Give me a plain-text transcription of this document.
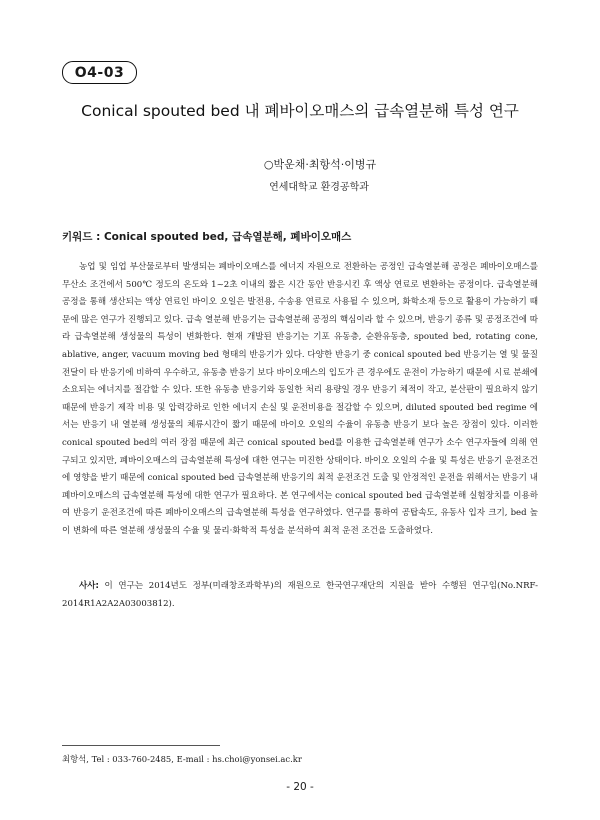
O4-03
Conical spouted bed 내 폐바이오매스의 급속열분해 특성 연구
○박운채·최항석·이병규
연세대학교 환경공학과
키워드 : Conical spouted bed, 급속열분해, 폐바이오매스

농업 및 임업 부산물로부터 발생되는 폐바이오매스를 에너지 자원으로 전환하는 공정인 급속열분해 공정은 폐바이오매스를 무산소 조건에서 500℃ 정도의 온도와 1~2초 이내의 짧은 시간 동안 반응시킨 후 액상 연료로 변환하는 공정이다. 급속열분해 공정을 통해 생산되는 액상 연료인 바이오 오일은 발전용, 수송용 연료로 사용될 수 있으며, 화학소재 등으로 활용이 가능하기 때문에 많은 연구가 진행되고 있다. 급속 열분해 반응기는 급속열분해 공정의 핵심이라 할 수 있으며, 반응기 종류 및 공정조건에 따라 급속열분해 생성물의 특성이 변화한다. 현재 개발된 반응기는 기포 유동층, 순환유동층, spouted bed, rotating cone, ablative, anger, vacuum moving bed 형태의 반응기가 있다. 다양한 반응기 중 conical spouted bed 반응기는 열 및 물질전달이 타 반응기에 비하여 우수하고, 유동층 반응기 보다 바이오매스의 입도가 큰 경우에도 운전이 가능하기 때문에 시료 분쇄에 소요되는 에너지를 절감할 수 있다. 또한 유동층 반응기와 동일한 처리 용량일 경우 반응기 체적이 작고, 분산판이 필요하지 않기 때문에 반응기 제작 비용 및 압력강하로 인한 에너지 손실 및 운전비용을 절감할 수 있으며, diluted spouted bed regime 에서는 반응기 내 열분해 생성물의 체류시간이 짧기 때문에 바이오 오일의 수율이 유동층 반응기 보다 높은 장점이 있다. 이러한 conical spouted bed의 여러 장점 때문에 최근 conical spouted bed를 이용한 급속열분해 연구가 소수 연구자들에 의해 연구되고 있지만, 폐바이오매스의 급속열분해 특성에 대한 연구는 미진한 상태이다. 바이오 오일의 수율 및 특성은 반응기 운전조건에 영향을 받기 때문에 conical spouted bed 급속열분해 반응기의 최적 운전조건 도출 및 안정적인 운전을 위해서는 반응기 내 폐바이오매스의 급속열분해 특성에 대한 연구가 필요하다. 본 연구에서는 conical spouted bed 급속열분해 실험장치를 이용하여 반응기 운전조건에 따른 폐바이오매스의 급속열분해 특성을 연구하였다. 연구를 통하여 공탑속도, 유동사 입자 크기, bed 높이 변화에 따른 열분해 생성물의 수율 및 물리·화학적 특성을 분석하여 최적 운전 조건을 도출하였다.

사사: 이 연구는 2014년도 정부(미래창조과학부)의 재원으로 한국연구재단의 지원을 받아 수행된 연구임(No.NRF-2014R1A2A2A03003812).

최항석, Tel : 033-760-2485, E-mail : hs.choi@yonsei.ac.kr
- 20 -
